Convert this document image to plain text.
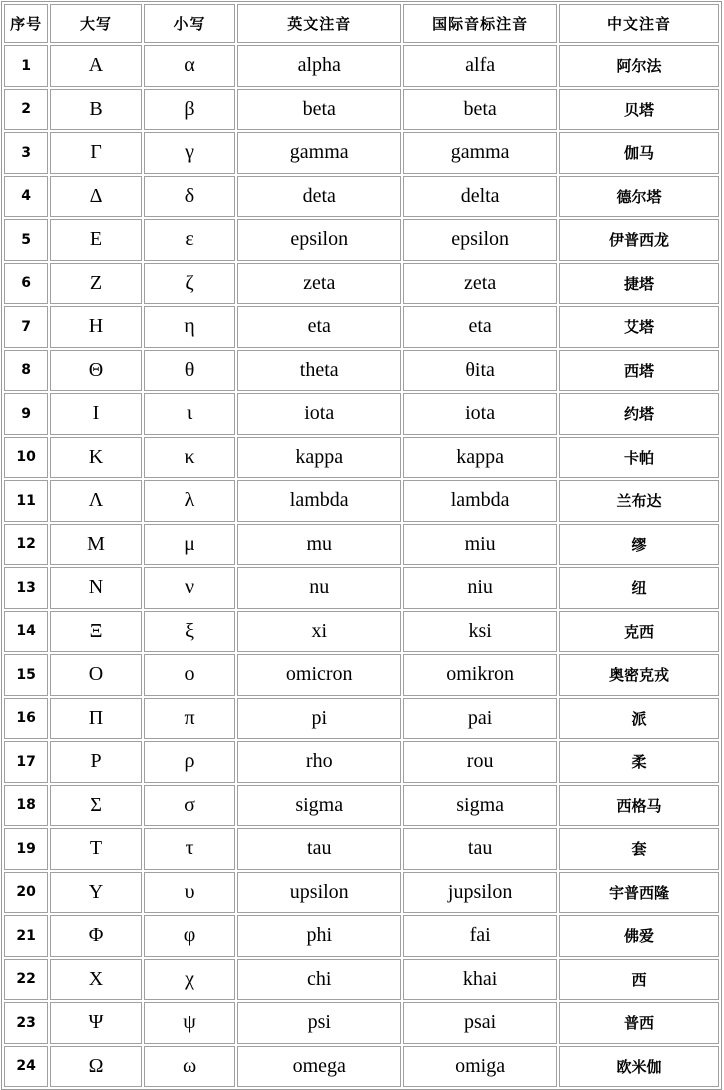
序号	大写	小写	英文注音	国际音标注音	中文注音
1	Α	α	alpha	alfa	阿尔法
2	Β	β	beta	beta	贝塔
3	Γ	γ	gamma	gamma	伽马
4	Δ	δ	deta	delta	德尔塔
5	Ε	ε	epsilon	epsilon	伊普西龙
6	Ζ	ζ	zeta	zeta	捷塔
7	Η	η	eta	eta	艾塔
8	Θ	θ	theta	θita	西塔
9	Ι	ι	iota	iota	约塔
10	Κ	κ	kappa	kappa	卡帕
11	Λ	λ	lambda	lambda	兰布达
12	Μ	μ	mu	miu	缪
13	Ν	ν	nu	niu	纽
14	Ξ	ξ	xi	ksi	克西
15	Ο	ο	omicron	omikron	奥密克戎
16	Π	π	pi	pai	派
17	Ρ	ρ	rho	rou	柔
18	Σ	σ	sigma	sigma	西格马
19	Τ	τ	tau	tau	套
20	Υ	υ	upsilon	jupsilon	宇普西隆
21	Φ	φ	phi	fai	佛爱
22	Χ	χ	chi	khai	西
23	Ψ	ψ	psi	psai	普西
24	Ω	ω	omega	omiga	欧米伽
